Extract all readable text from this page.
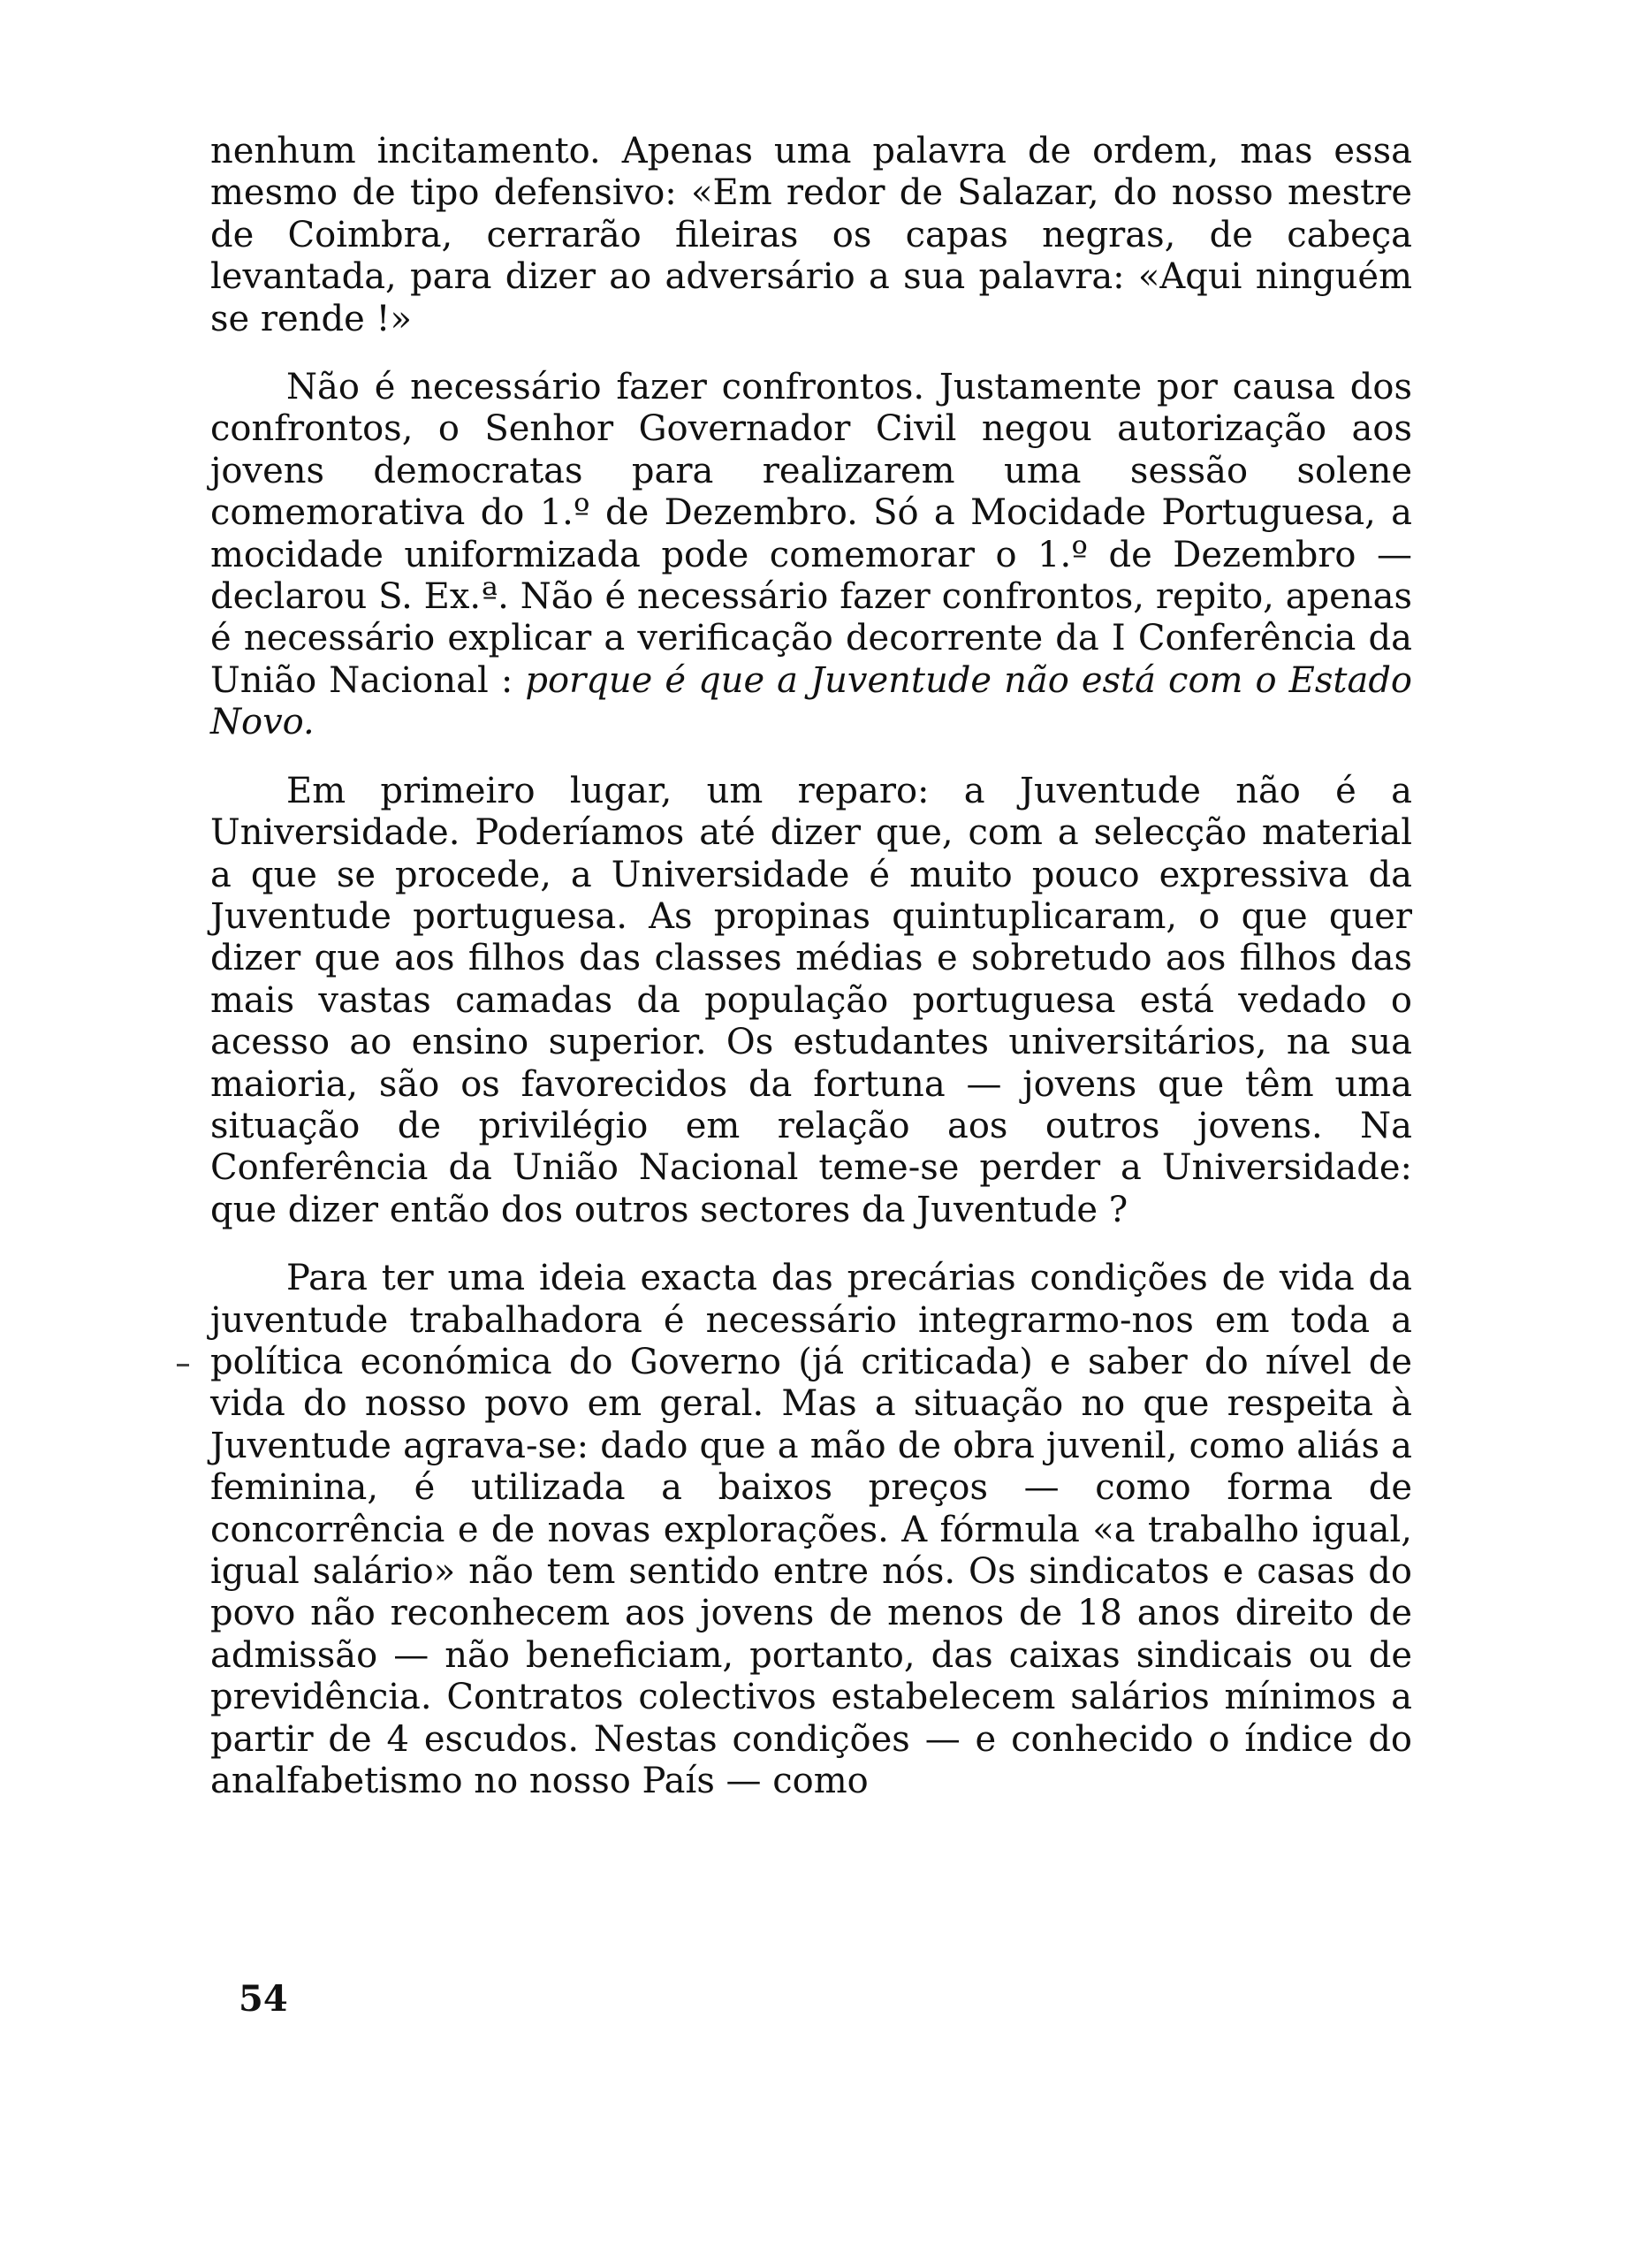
nenhum incitamento. Apenas uma palavra de ordem, mas essa mesmo de tipo defensivo: «Em redor de Salazar, do nosso mestre de Coimbra, cerrarão fileiras os capas negras, de cabeça levantada, para dizer ao adversário a sua palavra: «Aqui ninguém se rende !»

Não é necessário fazer confrontos. Justamente por causa dos confrontos, o Senhor Governador Civil negou autorização aos jovens democratas para realizarem uma sessão solene comemorativa do 1.º de Dezembro. Só a Mocidade Portuguesa, a mocidade uniformizada pode comemorar o 1.º de Dezembro — declarou S. Ex.ª. Não é necessário fazer confrontos, repito, apenas é necessário explicar a verificação decorrente da I Conferência da União Nacional : porque é que a Juventude não está com o Estado Novo.

Em primeiro lugar, um reparo: a Juventude não é a Universidade. Poderíamos até dizer que, com a selecção material a que se procede, a Universidade é muito pouco expressiva da Juventude portuguesa. As propinas quintuplicaram, o que quer dizer que aos filhos das classes médias e sobretudo aos filhos das mais vastas camadas da população portuguesa está vedado o acesso ao ensino superior. Os estudantes universitários, na sua maioria, são os favorecidos da fortuna — jovens que têm uma situação de privilégio em relação aos outros jovens. Na Conferência da União Nacional teme-se perder a Universidade: que dizer então dos outros sectores da Juventude ?

Para ter uma ideia exacta das precárias condições de vida da juventude trabalhadora é necessário integrarmo-nos em toda a política económica do Governo (já criticada) e saber do nível de vida do nosso povo em geral. Mas a situação no que respeita à Juventude agrava-se: dado que a mão de obra juvenil, como aliás a feminina, é utilizada a baixos preços — como forma de concorrência e de novas explorações. A fórmula «a trabalho igual, igual salário» não tem sentido entre nós. Os sindicatos e casas do povo não reconhecem aos jovens de menos de 18 anos direito de admissão — não beneficiam, portanto, das caixas sindicais ou de previdência. Contratos colectivos estabelecem salários mínimos a partir de 4 escudos. Nestas condições — e conhecido o índice do analfabetismo no nosso País — como

54
